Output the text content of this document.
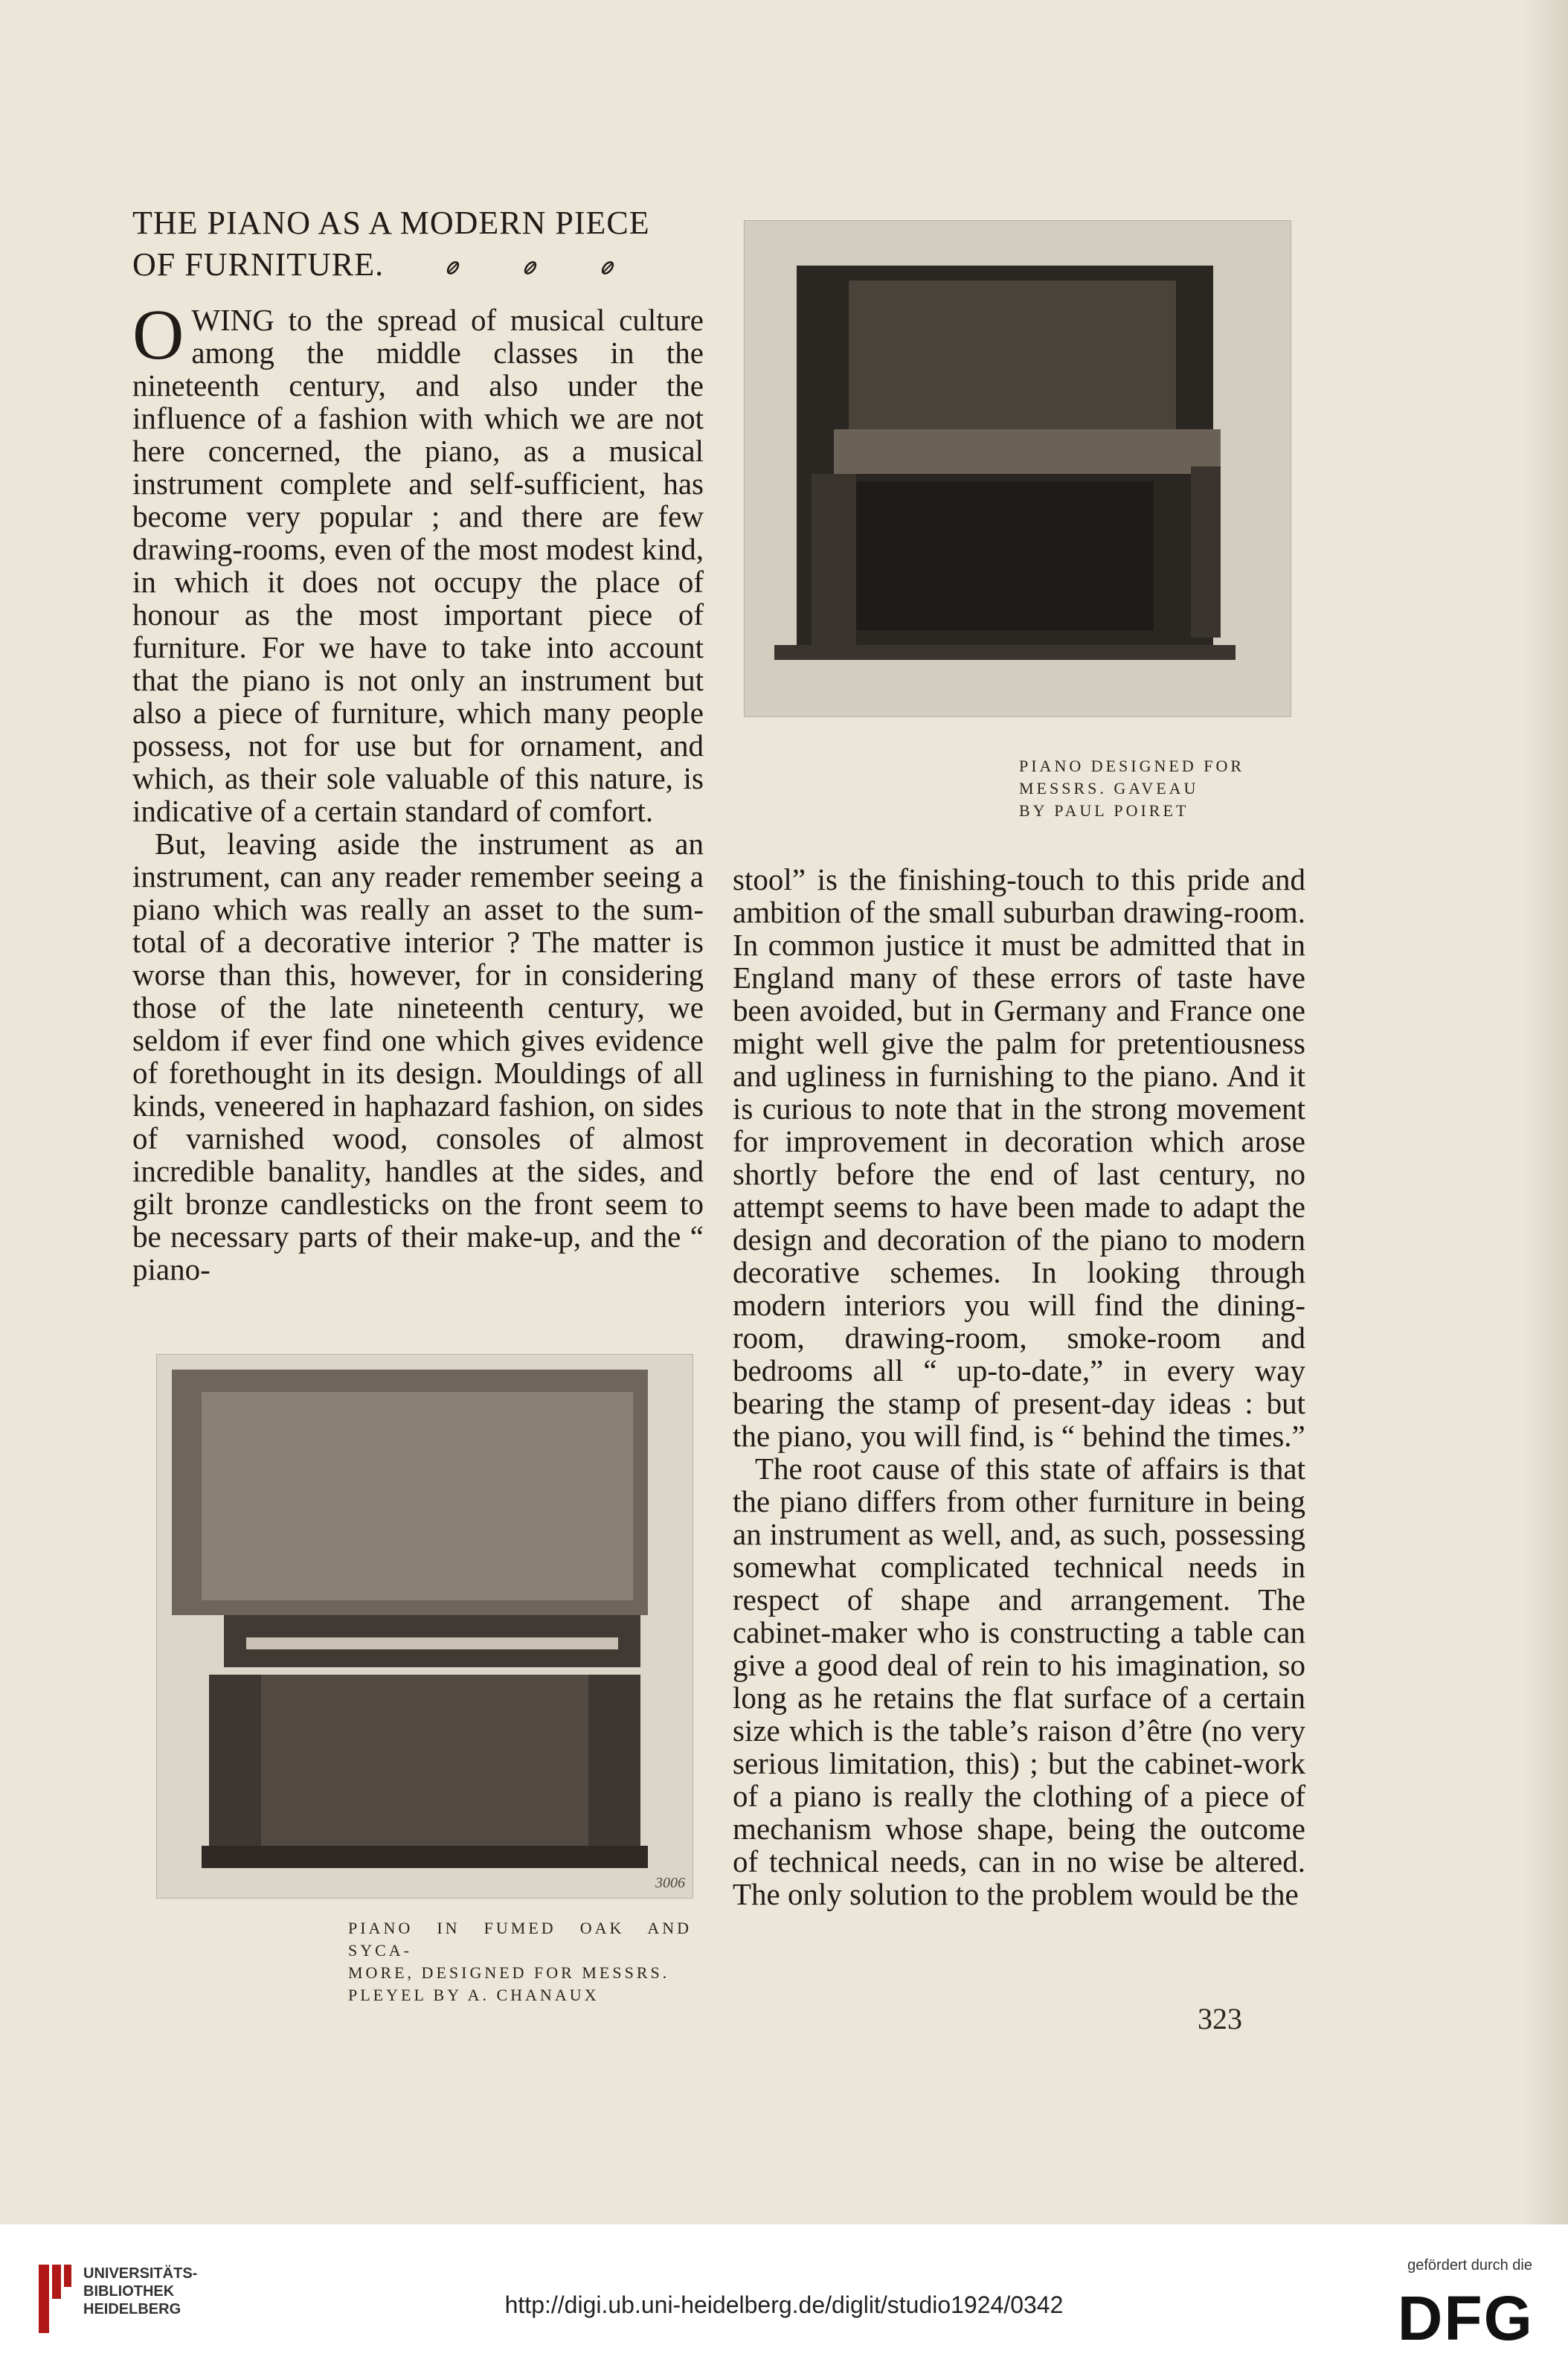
THE PIANO AS A MODERN PIECE
OF FURNITURE.

OWING to the spread of musical culture among the middle classes in the nineteenth century, and also under the influence of a fashion with which we are not here concerned, the piano, as a musical instrument complete and self-sufficient, has become very popular ; and there are few drawing-rooms, even of the most modest kind, in which it does not occupy the place of honour as the most important piece of furniture. For we have to take into account that the piano is not only an instrument but also a piece of furniture, which many people possess, not for use but for ornament, and which, as their sole valuable of this nature, is indicative of a certain standard of comfort.

But, leaving aside the instrument as an instrument, can any reader remember seeing a piano which was really an asset to the sum-total of a decorative interior ? The matter is worse than this, however, for in considering those of the late nineteenth century, we seldom if ever find one which gives evidence of forethought in its design. Mouldings of all kinds, veneered in haphazard fashion, on sides of varnished wood, consoles of almost incredible banality, handles at the sides, and gilt bronze candlesticks on the front seem to be necessary parts of their make-up, and the “ piano-

PIANO DESIGNED FOR
MESSRS. GAVEAU
BY PAUL POIRET

stool” is the finishing-touch to this pride and ambition of the small suburban drawing-room. In common justice it must be admitted that in England many of these errors of taste have been avoided, but in Germany and France one might well give the palm for pretentiousness and ugliness in furnishing to the piano. And it is curious to note that in the strong movement for improvement in decoration which arose shortly before the end of last century, no attempt seems to have been made to adapt the design and decoration of the piano to modern decorative schemes. In looking through modern interiors you will find the dining-room, drawing-room, smoke-room and bedrooms all “ up-to-date,” in every way bearing the stamp of present-day ideas : but the piano, you will find, is “ behind the times.”

The root cause of this state of affairs is that the piano differs from other furniture in being an instrument as well, and, as such, possessing somewhat complicated technical needs in respect of shape and arrangement. The cabinet-maker who is constructing a table can give a good deal of rein to his imagination, so long as he retains the flat surface of a certain size which is the table’s raison d’être (no very serious limitation, this) ; but the cabinet-work of a piano is really the clothing of a piece of mechanism whose shape, being the outcome of technical needs, can in no wise be altered. The only solution to the problem would be the

3006
PIANO IN FUMED OAK AND SYCA-
MORE, DESIGNED FOR MESSRS.
PLEYEL BY A. CHANAUX
323
UNIVERSITÄTS-
BIBLIOTHEK
HEIDELBERG	http://digi.ub.uni-heidelberg.de/diglit/studio1924/0342
gefördert durch die
DFG
